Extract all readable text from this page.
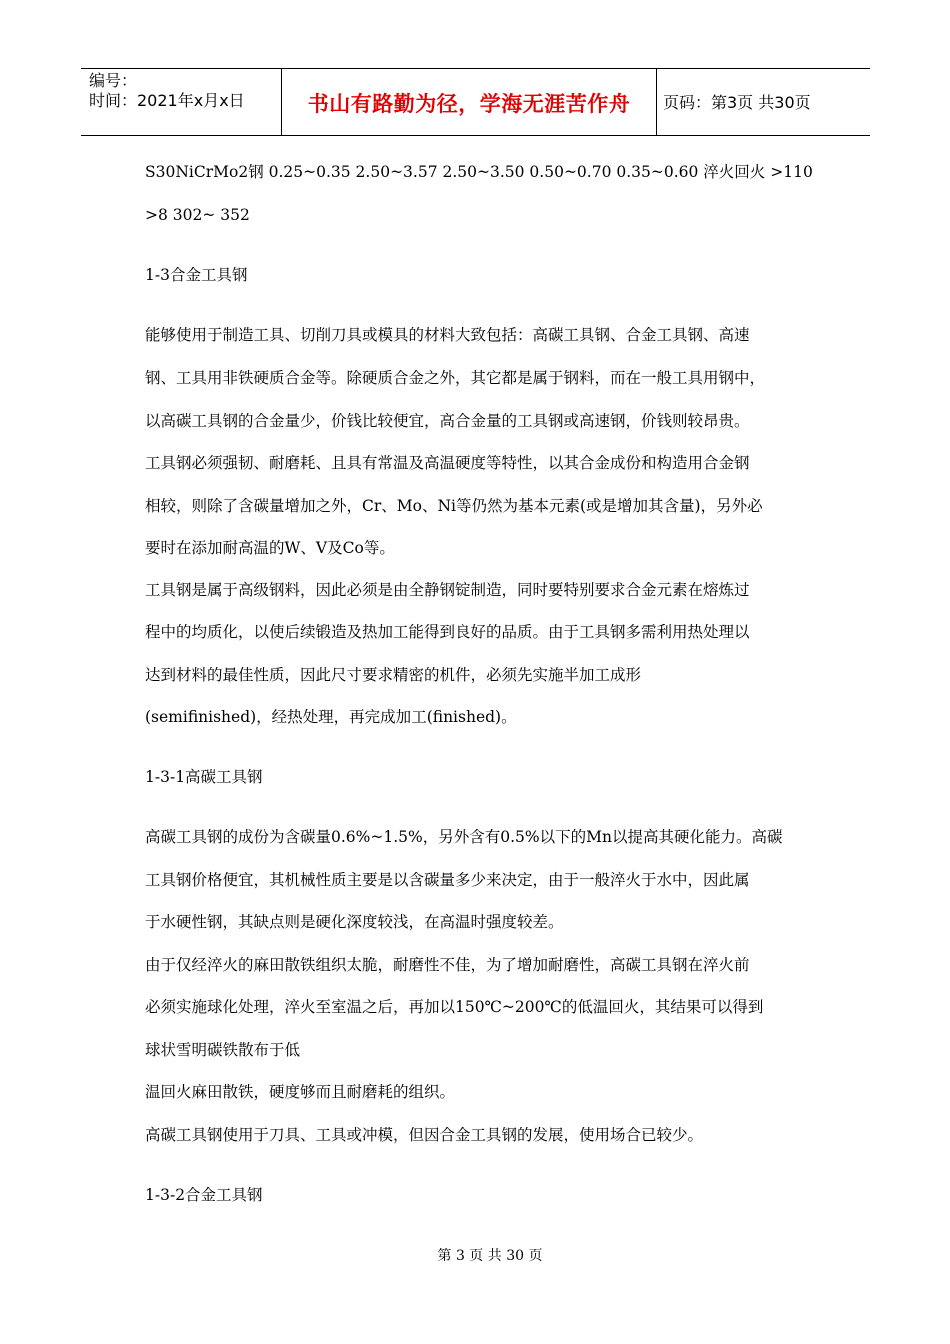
编号：
时间：2021年x月x日	书山有路勤为径，学海无涯苦作舟	页码：第3页 共30页
S30NiCrMo2钢 0.25~0.35 2.50~3.57 2.50~3.50 0.50~0.70 0.35~0.60 淬火回火 >110
>8 302~ 352
1-3合金工具钢
能够使用于制造工具、切削刀具或模具的材料大致包括：高碳工具钢、合金工具钢、高速
钢、工具用非铁硬质合金等。除硬质合金之外，其它都是属于钢料，而在一般工具用钢中，
以高碳工具钢的合金量少，价钱比较便宜，高合金量的工具钢或高速钢，价钱则较昂贵。
工具钢必须强韧、耐磨耗、且具有常温及高温硬度等特性，以其合金成份和构造用合金钢
相较，则除了含碳量增加之外，Cr、Mo、Ni等仍然为基本元素(或是增加其含量)，另外必
要时在添加耐高温的W、V及Co等。
工具钢是属于高级钢料，因此必须是由全静钢锭制造，同时要特别要求合金元素在熔炼过
程中的均质化，以使后续锻造及热加工能得到良好的品质。由于工具钢多需利用热处理以
达到材料的最佳性质，因此尺寸要求精密的机件，必须先实施半加工成形
(semifinished)，经热处理，再完成加工(finished)。
1-3-1高碳工具钢
高碳工具钢的成份为含碳量0.6%~1.5%，另外含有0.5%以下的Mn以提高其硬化能力。高碳
工具钢价格便宜，其机械性质主要是以含碳量多少来决定，由于一般淬火于水中，因此属
于水硬性钢，其缺点则是硬化深度较浅，在高温时强度较差。
由于仅经淬火的麻田散铁组织太脆，耐磨性不佳，为了增加耐磨性，高碳工具钢在淬火前
必须实施球化处理，淬火至室温之后，再加以150℃~200℃的低温回火，其结果可以得到
球状雪明碳铁散布于低
温回火麻田散铁，硬度够而且耐磨耗的组织。
高碳工具钢使用于刀具、工具或冲模，但因合金工具钢的发展，使用场合已较少。
1-3-2合金工具钢
第 3 页 共 30 页
